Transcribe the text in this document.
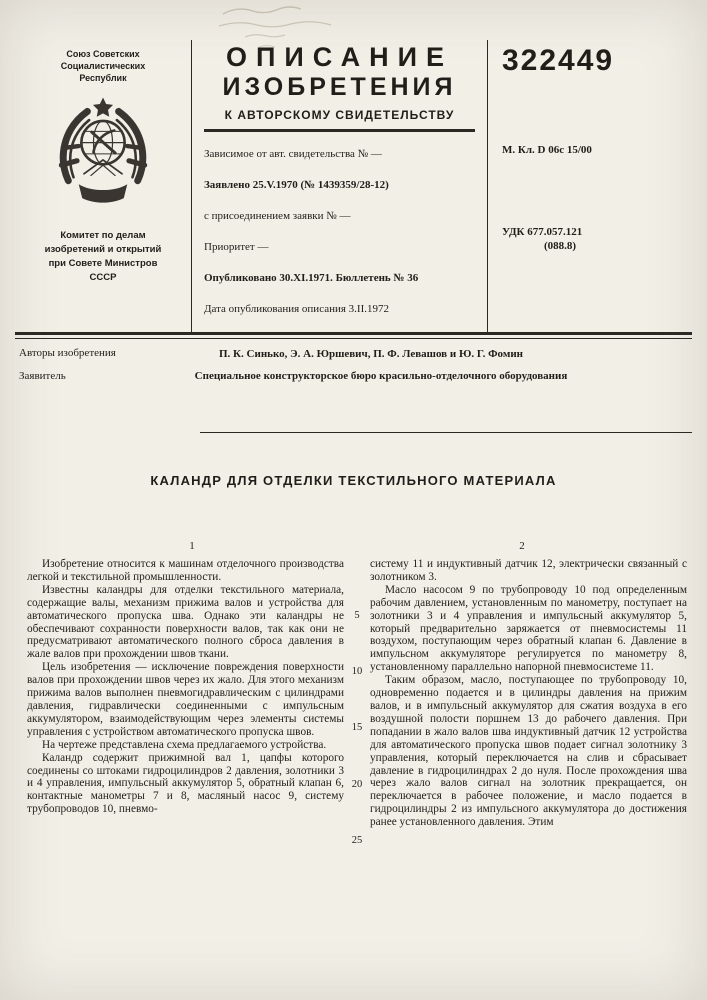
Союз Советских Социалистических Республик
Комитет по делам изобретений и открытий при Совете Министров СССР
ОПИСАНИЕ
ИЗОБРЕТЕНИЯ
К АВТОРСКОМУ СВИДЕТЕЛЬСТВУ
Зависимое от авт. свидетельства № —
Заявлено 25.V.1970 (№ 1439359/28-12)
с присоединением заявки № —
Приоритет —
Опубликовано 30.XI.1971. Бюллетень № 36
Дата опубликования описания 3.II.1972
322449
М. Кл. D 06c 15/00
УДК 677.057.121
(088.8)
Авторы изобретения	П. К. Синько, Э. А. Юршевич, П. Ф. Левашов и Ю. Г. Фомин
Заявитель	Специальное конструкторское бюро красильно-отделочного оборудования
КАЛАНДР ДЛЯ ОТДЕЛКИ ТЕКСТИЛЬНОГО МАТЕРИАЛА
1	2

Изобретение относится к машинам отделочного производства легкой и текстильной промышленности.

Известны каландры для отделки текстильного материала, содержащие валы, механизм прижима валов и устройства для автоматического пропуска шва. Однако эти каландры не обеспечивают сохранности поверхности валов, так как они не предусматривают автоматического полного сброса давления в жале валов при прохождении швов ткани.

Цель изобретения — исключение повреждения поверхности валов при прохождении швов через их жало. Для этого механизм прижима валов выполнен пневмогидравлическим с цилиндрами давления, гидравлически соединенными с импульсным аккумулятором, взаимодействующим через элементы системы управления с устройством автоматического пропуска швов.

На чертеже представлена схема предлагаемого устройства.

Каландр содержит прижимной вал 1, цапфы которого соединены со штоками гидроцилиндров 2 давления, золотники 3 и 4 управления, импульсный аккумулятор 5, обратный клапан 6, контактные манометры 7 и 8, масляный насос 9, систему трубопроводов 10, пневмо-

систему 11 и индуктивный датчик 12, электрически связанный с золотником 3.

Масло насосом 9 по трубопроводу 10 под определенным рабочим давлением, установленным по манометру, поступает на золотники 3 и 4 управления и импульсный аккумулятор 5, который предварительно заряжается от пневмосистемы 11 воздухом, поступающим через обратный клапан 6. Давление в импульсном аккумуляторе регулируется по манометру 8, установленному параллельно напорной пневмосистеме 11.

Таким образом, масло, поступающее по трубопроводу 10, одновременно подается и в цилиндры давления на прижим валов, и в импульсный аккумулятор для сжатия воздуха в его воздушной полости поршнем 13 до рабочего давления. При попадании в жало валов шва индуктивный датчик 12 устройства для автоматического пропуска швов подает сигнал золотнику 3 управления, который переключается на слив и сбрасывает давление в гидроцилиндрах 2 до нуля. После прохождения шва через жало валов сигнал на золотник прекращается, он переключается в рабочее положение, и масло подается в гидроцилиндры 2 из импульсного аккумулятора до достижения ранее установленного давления. Этим

5
10
15
20
25
